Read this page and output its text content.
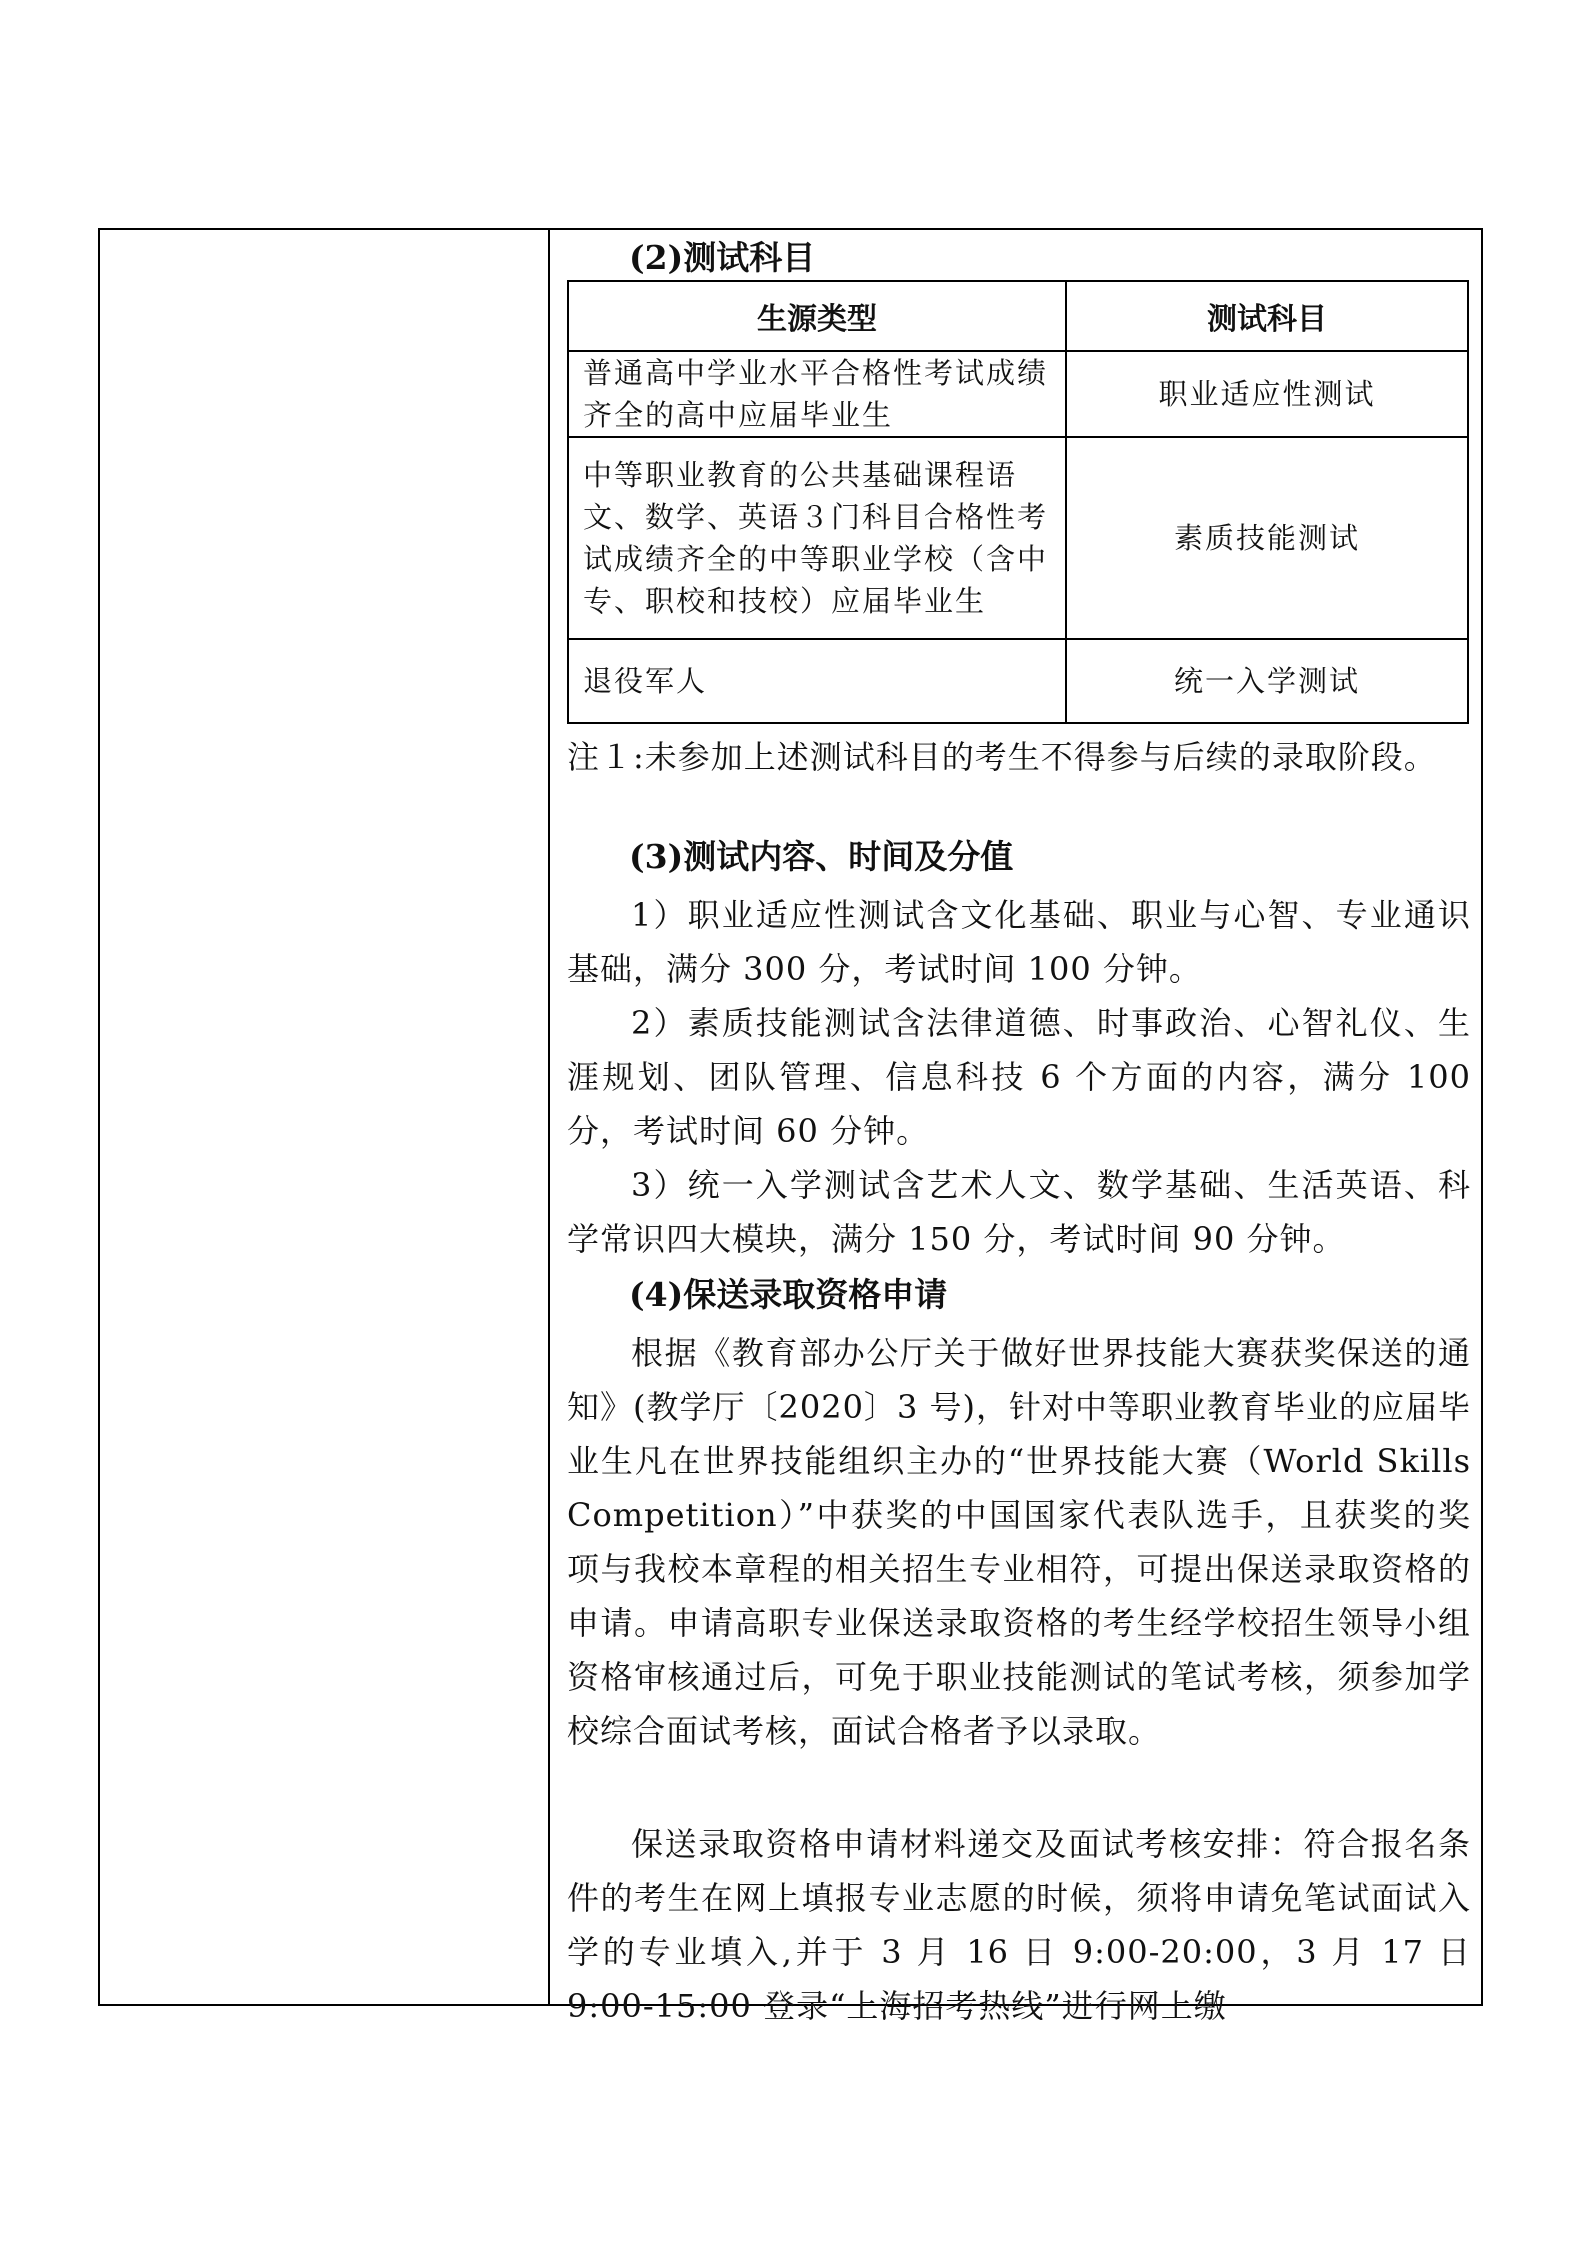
(2)测试科目
生源类型	测试科目
普通高中学业水平合格性考试成绩齐全的高中应届毕业生	职业适应性测试
中等职业教育的公共基础课程语文、数学、英语３门科目合格性考试成绩齐全的中等职业学校（含中专、职校和技校）应届毕业生	素质技能测试
退役军人	统一入学测试
注１:未参加上述测试科目的考生不得参与后续的录取阶段。
(3)测试内容、时间及分值
1）职业适应性测试含文化基础、职业与心智、专业通识基础，满分 300 分，考试时间 100 分钟。
2）素质技能测试含法律道德、时事政治、心智礼仪、生涯规划、团队管理、信息科技 6 个方面的内容，满分 100 分，考试时间 60 分钟。
3）统一入学测试含艺术人文、数学基础、生活英语、科学常识四大模块，满分 150 分，考试时间 90 分钟。
(4)保送录取资格申请
根据《教育部办公厅关于做好世界技能大赛获奖保送的通知》(教学厅〔2020〕3 号)，针对中等职业教育毕业的应届毕业生凡在世界技能组织主办的“世界技能大赛（World Skills Competition）”中获奖的中国国家代表队选手，且获奖的奖项与我校本章程的相关招生专业相符，可提出保送录取资格的申请。申请高职专业保送录取资格的考生经学校招生领导小组资格审核通过后，可免于职业技能测试的笔试考核，须参加学校综合面试考核，面试合格者予以录取。
保送录取资格申请材料递交及面试考核安排：符合报名条件的考生在网上填报专业志愿的时候，须将申请免笔试面试入学的专业填入,并于 3 月 16 日 9:00-20:00，3 月 17 日 9:00-15:00 登录“上海招考热线”进行网上缴
